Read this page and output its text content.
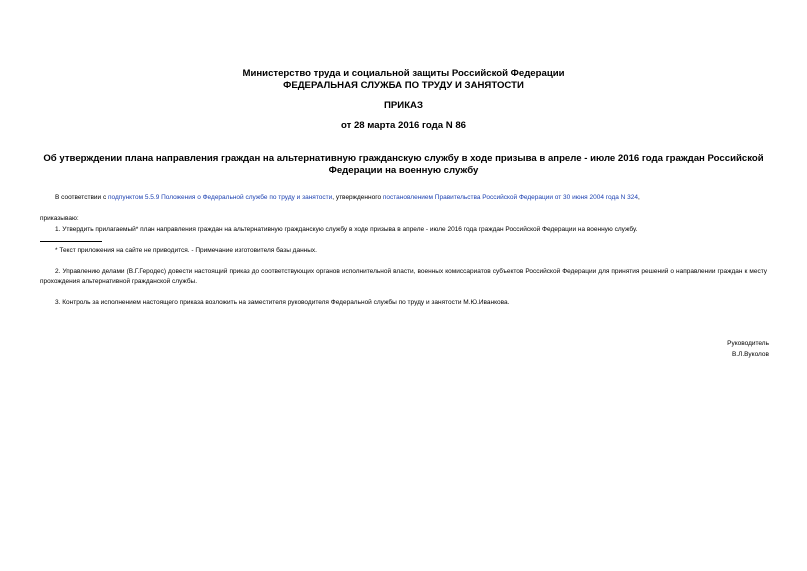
Министерство труда и социальной защиты Российской Федерации
ФЕДЕРАЛЬНАЯ СЛУЖБА ПО ТРУДУ И ЗАНЯТОСТИ
ПРИКАЗ
от 28 марта 2016 года N 86
Об утверждении плана направления граждан на альтернативную гражданскую службу в ходе призыва в апреле - июле 2016 года граждан Российской Федерации на военную службу
В соответствии с подпунктом 5.5.9 Положения о Федеральной службе по труду и занятости, утвержденного постановлением Правительства Российской Федерации от 30 июня 2004 года N 324,
приказываю:
1. Утвердить прилагаемый* план направления граждан на альтернативную гражданскую службу в ходе призыва в апреле - июле 2016 года граждан Российской Федерации на военную службу.
* Текст приложения на сайте не приводится. - Примечание изготовителя базы данных.
2. Управлению делами (В.Г.Геродес) довести настоящий приказ до соответствующих органов исполнительной власти, военных комиссариатов субъектов Российской Федерации для принятия решений о направлении граждан к месту прохождения альтернативной гражданской службы.
3. Контроль за исполнением настоящего приказа возложить на заместителя руководителя Федеральной службы по труду и занятости М.Ю.Иванкова.
Руководитель
В.Л.Вуколов
